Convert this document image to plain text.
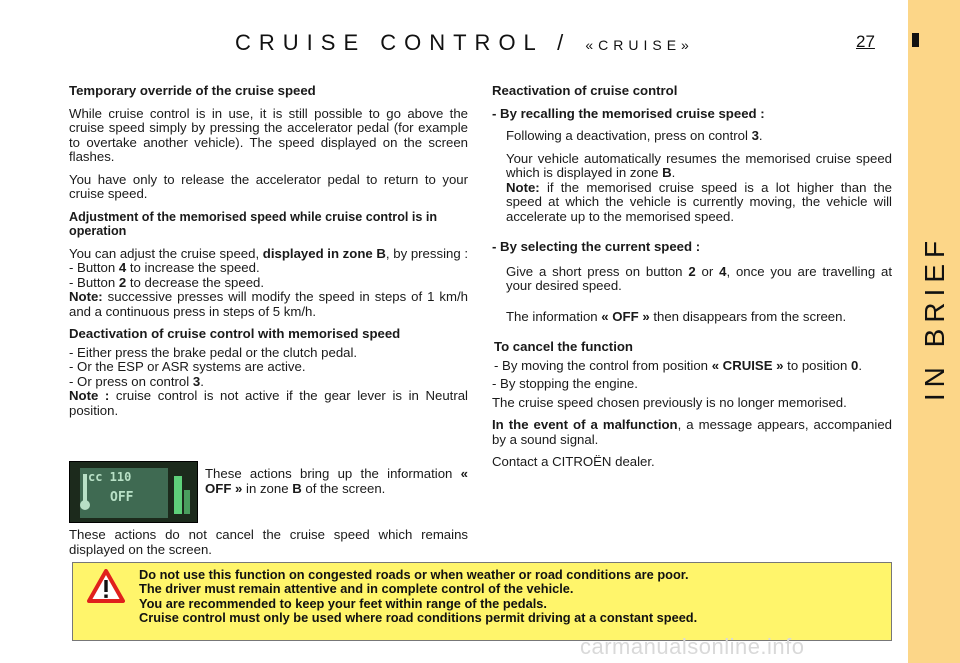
CRUISE CONTROL / «CRUISE»	27
IN BRIEF

Temporary override of the cruise speed

While cruise control is in use, it is still possible to go above the cruise speed simply by pressing the accelerator pedal (for example to overtake another vehicle). The speed displayed on the screen flashes.

You have only to release the accelerator pedal to return to your cruise speed.

Adjustment of the memorised speed while cruise control is in operation

You can adjust the cruise speed, displayed in zone B, by pressing :

- Button 4 to increase the speed.
- Button 2 to decrease the speed.

Note: successive presses will modify the speed in steps of 1 km/h and a continuous press in steps of 5 km/h.

Deactivation of cruise control with memorised speed

- Either press the brake pedal or the clutch pedal.
- Or the ESP or ASR systems are active.
- Or press on control 3.

Note : cruise control is not active if the gear lever is in Neutral position.

cc 110
OFF
These actions bring up the information « OFF » in zone B of the screen.
These actions do not cancel the cruise speed which remains displayed on the screen.

Reactivation of cruise control

- By recalling the memorised cruise speed :

Following a deactivation, press on control 3.

Your vehicle automatically resumes the memorised cruise speed which is displayed in zone B.

Note: if the memorised cruise speed is a lot higher than the speed at which the vehicle is currently moving, the vehicle will accelerate up to the memorised speed.

- By selecting the current speed :

Give a short press on button 2 or 4, once you are travelling at your desired speed.

The information « OFF » then disappears from the screen.

To cancel the function

- By moving the control from position « CRUISE » to position 0.
- By stopping the engine.

The cruise speed chosen previously is no longer memorised.

In the event of a malfunction, a message appears, accompanied by a sound signal.

Contact a CITROËN dealer.

Do not use this function on congested roads or when weather or road conditions are poor.
The driver must remain attentive and in complete control of the vehicle.
You are recommended to keep your feet within range of the pedals.
Cruise control must only be used where road conditions permit driving at a constant speed.
carmanualsonline.info
